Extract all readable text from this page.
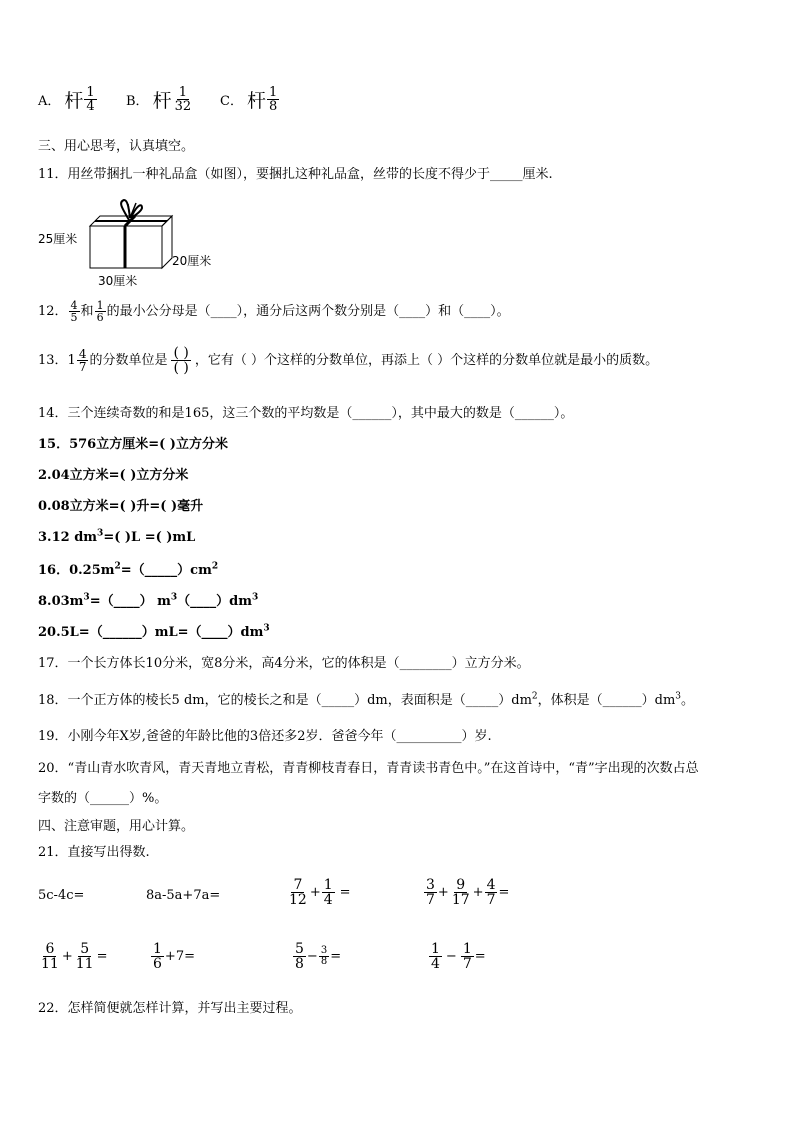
A． 杆 $\frac{1}{4}$ B． 杆 $\frac{1}{32}$ C． 杆 $\frac{1}{8}$
三、用心思考，认真填空。
11．用丝带捆扎一种礼品盒（如图），要捆扎这种礼品盒，丝带的长度不得少于_____厘米.
25厘米
20厘米
30厘米
12． $\frac{4}{5}$ 和 $\frac{1}{6}$ 的最小公分母是（____），通分后这两个数分别是（____）和（____）。
13． $1 \frac{4}{7}$ 的分数单位是 $\frac{( )}{( )}$ ，它有（ ）个这样的分数单位，再添上（ ）个这样的分数单位就是最小的质数。
14．三个连续奇数的和是165，这三个数的平均数是（______），其中最大的数是（______）。
15．576立方厘米=( )立方分米
2.04立方米=( )立方分米
0.08立方米=( )升=( )毫升
3.12 $dm^3=$( )L =( )mL
16．$0.25m^2=(\_\_\_\_\_)cm^2$
$8.03m^3=(\_\_\_\_)$ $m^3(\_\_\_\_)dm^3$
$20.5L=(\_\_\_\_\_\_)mL=(\_\_\_\_)dm^3$
17．一个长方体长10分米，宽8分米，高4分米，它的体积是（________）立方分米。
18．一个正方体的棱长5 dm，它的棱长之和是（_____）dm，表面积是$(\_\_\_\_\_)dm^2$，体积是$(\_\_\_\_\_\_)dm^3$。
19．小刚今年X岁,爸爸的年龄比他的3倍还多2岁．爸爸今年（__________）岁.
20．“青山青水吹青风，青天青地立青松，青青柳枝青春日，青青读书青色中。”在这首诗中，“青”字出现的次数占总
字数的（______）%。
四、注意审题，用心计算。
21．直接写出得数.
5c-4c=	8a-5a+7a=	$\frac{7}{12} + \frac{1}{4}$ =	$\frac{3}{7} + \frac{9}{17} + \frac{4}{7}$ =
$\frac{6}{11} + \frac{5}{11}$ =	$\frac{1}{6} +7=$	$\frac{5}{8} - \frac{3}{8}$ =	$\frac{1}{4} - \frac{1}{7}$ =
22．怎样简便就怎样计算，并写出主要过程。
